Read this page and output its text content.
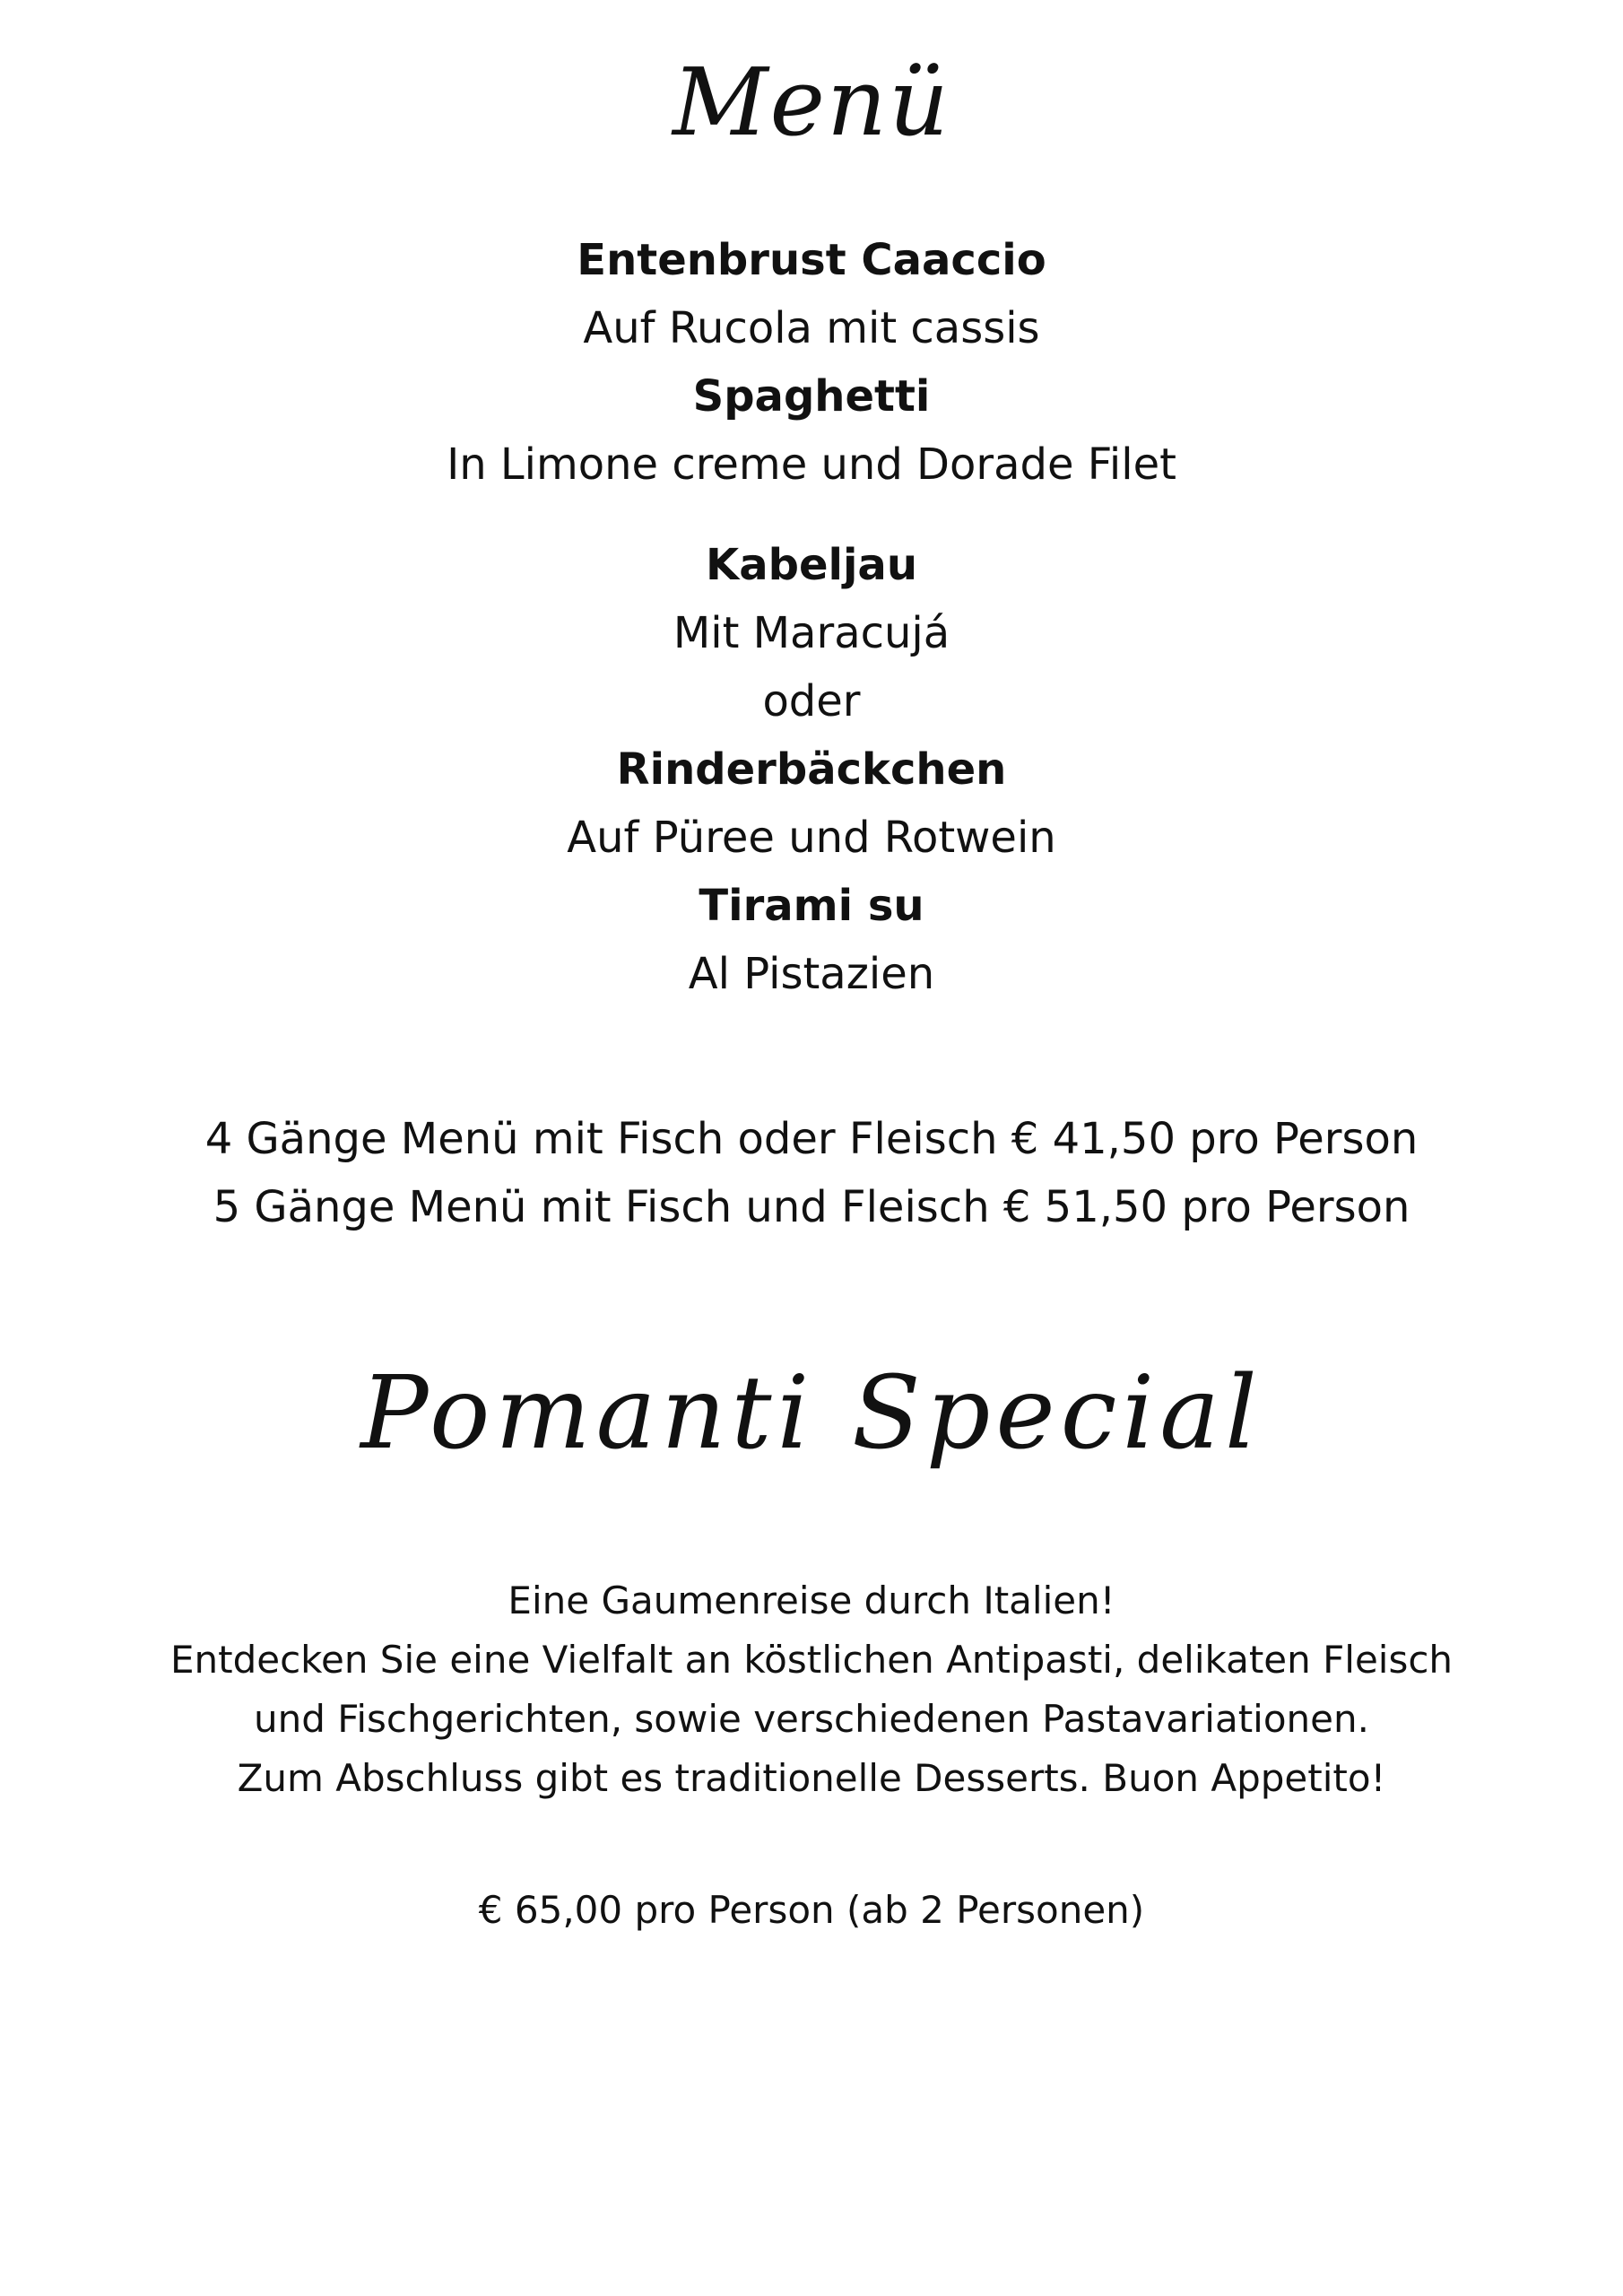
Menü
Entenbrust Caaccio
Auf Rucola mit cassis
Spaghetti
In Limone creme und Dorade Filet
Kabeljau
Mit Maracujá
oder
Rinderbäckchen
Auf Püree und Rotwein
Tirami su
Al Pistazien
4 Gänge Menü mit Fisch oder Fleisch € 41,50 pro Person
5 Gänge Menü mit Fisch und Fleisch € 51,50 pro Person
Pomanti Special
Eine Gaumenreise durch Italien!
Entdecken Sie eine Vielfalt an köstlichen Antipasti, delikaten Fleisch
und Fischgerichten, sowie verschiedenen Pastavariationen.
Zum Abschluss gibt es traditionelle Desserts. Buon Appetito!
€ 65,00 pro Person (ab 2 Personen)
